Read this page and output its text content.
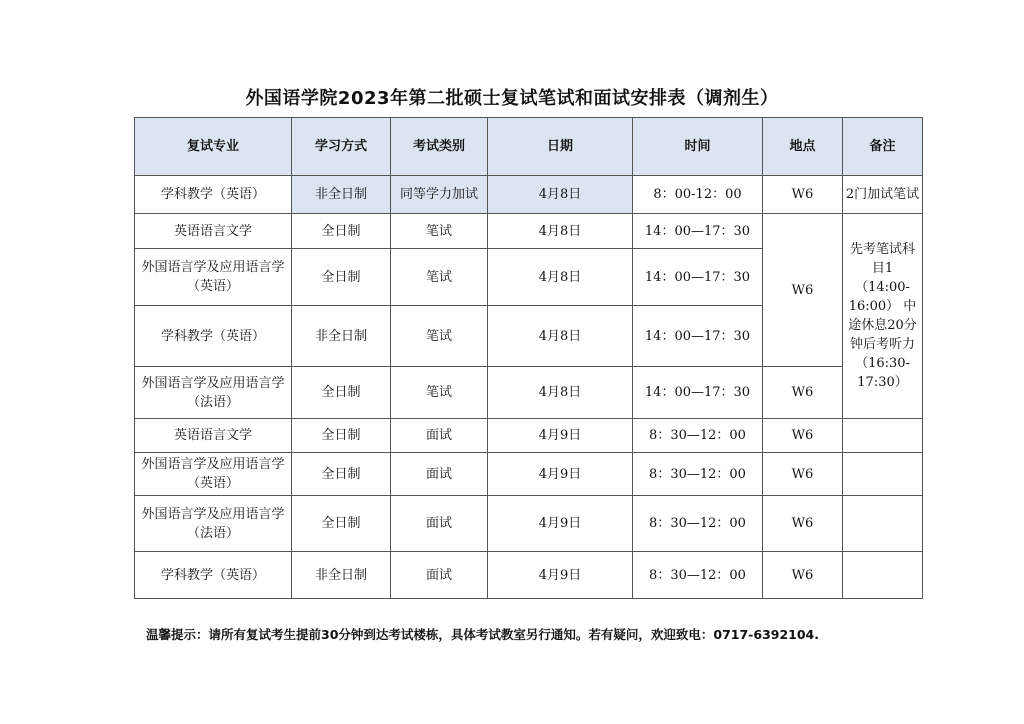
外国语学院2023年第二批硕士复试笔试和面试安排表（调剂生）
复试专业	学习方式	考试类别	日期	时间	地点	备注
学科教学（英语）	非全日制	同等学力加试	4月8日	8：00-12：00	W6	2门加试笔试
英语语言文学	全日制	笔试	4月8日	14：00—17：30	W6	先考笔试科目1（14:00-16:00） 中途休息20分钟后考听力（16:30-17:30）
外国语言学及应用语言学（英语）	全日制	笔试	4月8日	14：00—17：30		
学科教学（英语）	非全日制	笔试	4月8日	14：00—17：30		
外国语言学及应用语言学（法语）	全日制	笔试	4月8日	14：00—17：30	W6	
英语语言文学	全日制	面试	4月9日	8：30—12：00	W6	
外国语言学及应用语言学（英语）	全日制	面试	4月9日	8：30—12：00	W6	
外国语言学及应用语言学（法语）	全日制	面试	4月9日	8：30—12：00	W6	
学科教学（英语）	非全日制	面试	4月9日	8：30—12：00	W6	
温馨提示：请所有复试考生提前30分钟到达考试楼栋，具体考试教室另行通知。若有疑问，欢迎致电：0717-6392104.
